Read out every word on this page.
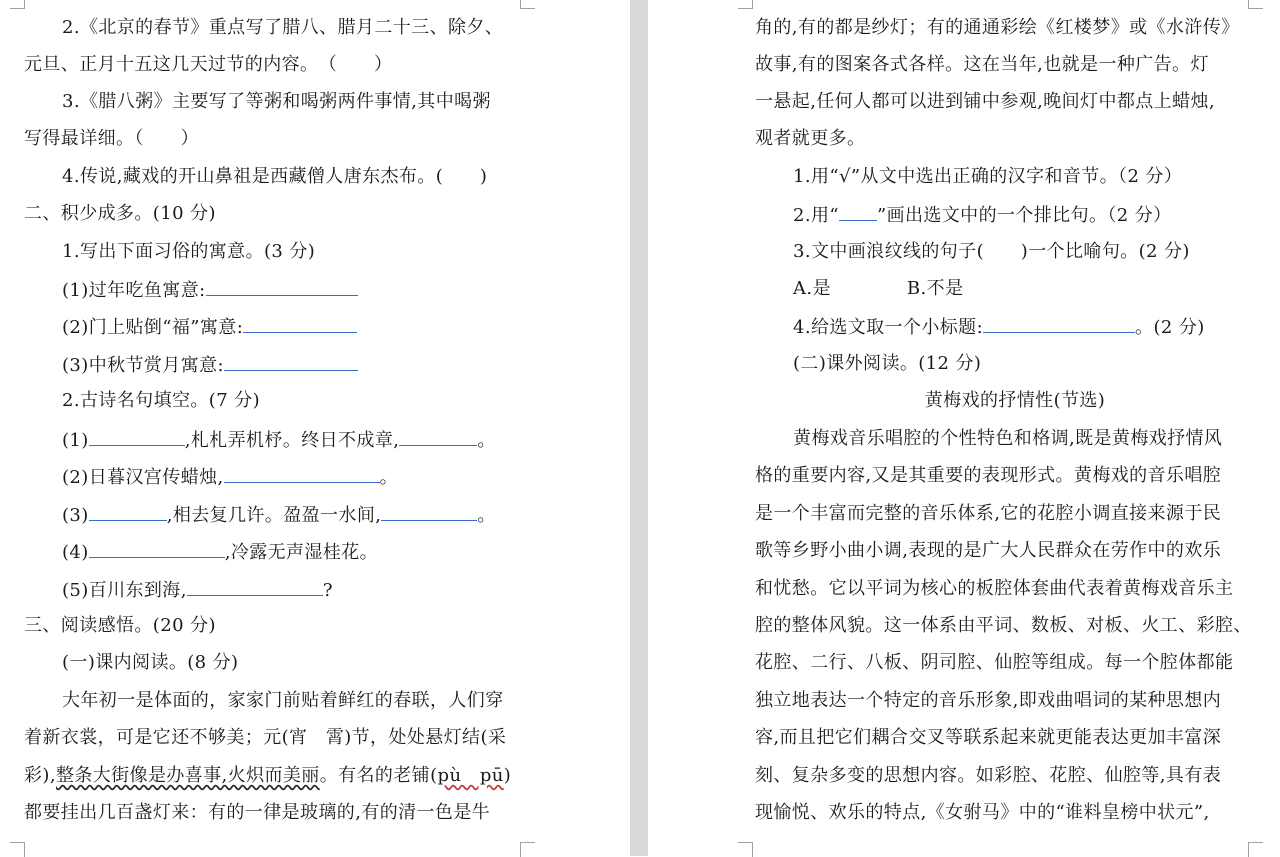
2.《北京的春节》重点写了腊八、腊月二十三、除夕、
元旦、正月十五这几天过节的内容。　（　　）
3.《腊八粥》主要写了等粥和喝粥两件事情,其中喝粥
写得最详细。（　　）
4.传说,藏戏的开山鼻祖是西藏僧人唐东杰布。(　　)
二、积少成多。(10 分)
1.写出下面习俗的寓意。(3 分)
(1)过年吃鱼寓意:
(2)门上贴倒“福”寓意:
(3)中秋节赏月寓意:
2.古诗名句填空。(7 分)
(1)	,札札弄机杼。终日不成章,	。
(2)日暮汉宫传蜡烛,	。
(3)	,相去复几许。盈盈一水间,	。
(4)	,冷露无声湿桂花。
(5)百川东到海,	?
三、阅读感悟。(20 分)
(一)课内阅读。(8 分)
大年初一是体面的，家家门前贴着鲜红的春联，人们穿
着新衣裳，可是它还不够美；元(宵　霄)节，处处悬灯结(采
彩),整条大街像是办喜事,火炽而美丽。有名的老铺(pù　pū)
都要挂出几百盏灯来：有的一律是玻璃的,有的清一色是牛
角的,有的都是纱灯；有的通通彩绘《红楼梦》或《水浒传》
故事,有的图案各式各样。这在当年,也就是一种广告。灯
一悬起,任何人都可以进到铺中参观,晚间灯中都点上蜡烛,
观者就更多。
1.用“√”从文中选出正确的汉字和音节。（2 分）
2.用“ ”画出选文中的一个排比句。（2 分）
3.文中画浪纹线的句子(　　)一个比喻句。(2 分)
A.是	B.不是
4.给选文取一个小标题:	。(2 分)
(二)课外阅读。(12 分)
黄梅戏的抒情性(节选)
黄梅戏音乐唱腔的个性特色和格调,既是黄梅戏抒情风
格的重要内容,又是其重要的表现形式。黄梅戏的音乐唱腔
是一个丰富而完整的音乐体系,它的花腔小调直接来源于民
歌等乡野小曲小调,表现的是广大人民群众在劳作中的欢乐
和忧愁。它以平词为核心的板腔体套曲代表着黄梅戏音乐主
腔的整体风貌。这一体系由平词、数板、对板、火工、彩腔、
花腔、二行、八板、阴司腔、仙腔等组成。每一个腔体都能
独立地表达一个特定的音乐形象,即戏曲唱词的某种思想内
容,而且把它们耦合交叉等联系起来就更能表达更加丰富深
刻、复杂多变的思想内容。如彩腔、花腔、仙腔等,具有表
现愉悦、欢乐的特点,《女驸马》中的“谁料皇榜中状元”,
